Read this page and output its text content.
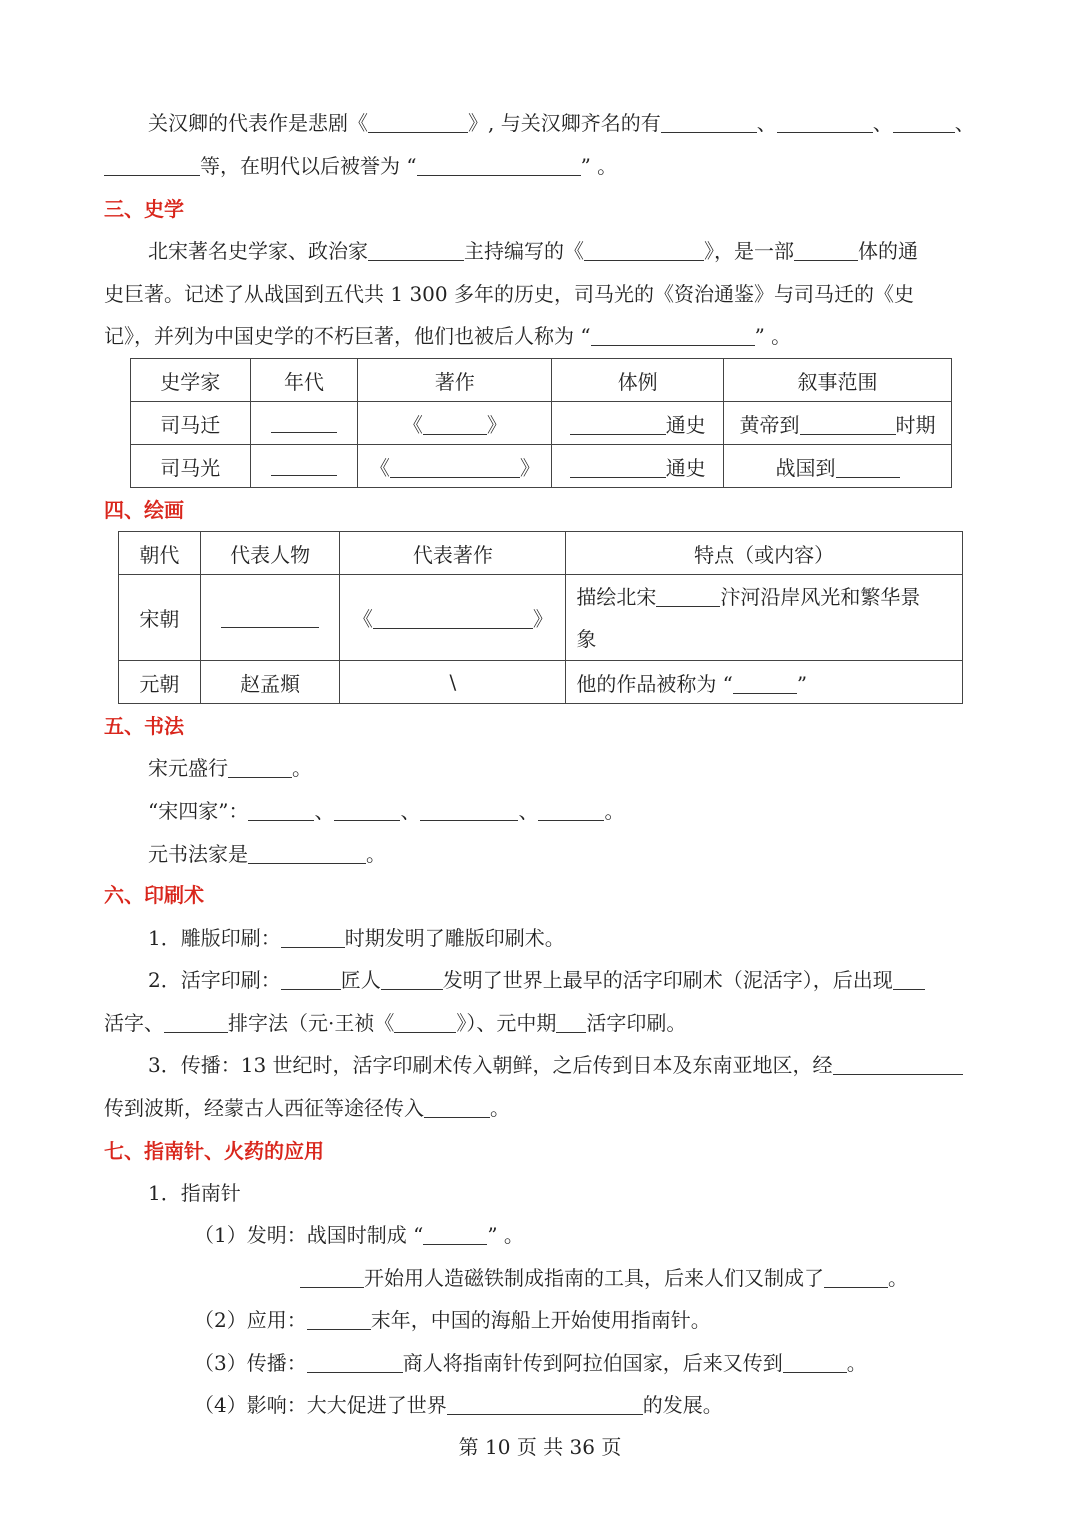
关汉卿的代表作是悲剧《	》, 与关汉卿齐名的有	、	、	、
等，在明代以后被誉为 “	” 。
三、史学
北宋著名史学家、政治家	主持编写的《	》，是一部	体的通
史巨著。记述了从战国到五代共 1 300 多年的历史，司马光的《资治通鉴》与司马迁的《史
记》，并列为中国史学的不朽巨著，他们也被后人称为 “	” 。
史学家	年代	著作	体例	叙事范围
司马迁		《 》	通史	黄帝到 时期
司马光		《 》	通史	战国到
四、绘画
朝代	代表人物	代表著作	特点（或内容）
宋朝		《 》	描绘北宋 汴河沿岸风光和繁华景
象
元朝	赵孟頫	\	他的作品被称为 “ ”
五、书法
宋元盛行	。
“宋四家”：	、	、	、	。
元书法家是	。
六、印刷术
1．雕版印刷：	时期发明了雕版印刷术。
2．活字印刷：	匠人	发明了世界上最早的活字印刷术（泥活字），后出现
活字、	排字法（元·王祯《	》）、元中期 活字印刷。
3．传播：13 世纪时，活字印刷术传入朝鲜，之后传到日本及东南亚地区，经
传到波斯，经蒙古人西征等途径传入	。
七、指南针、火药的应用
1．指南针
（1）发明：战国时制成 “	” 。
开始用人造磁铁制成指南的工具，后来人们又制成了	。
（2）应用：	末年，中国的海船上开始使用指南针。
（3）传播：	商人将指南针传到阿拉伯国家，后来又传到	。
（4）影响：大大促进了世界	的发展。
第 10 页 共 36 页
